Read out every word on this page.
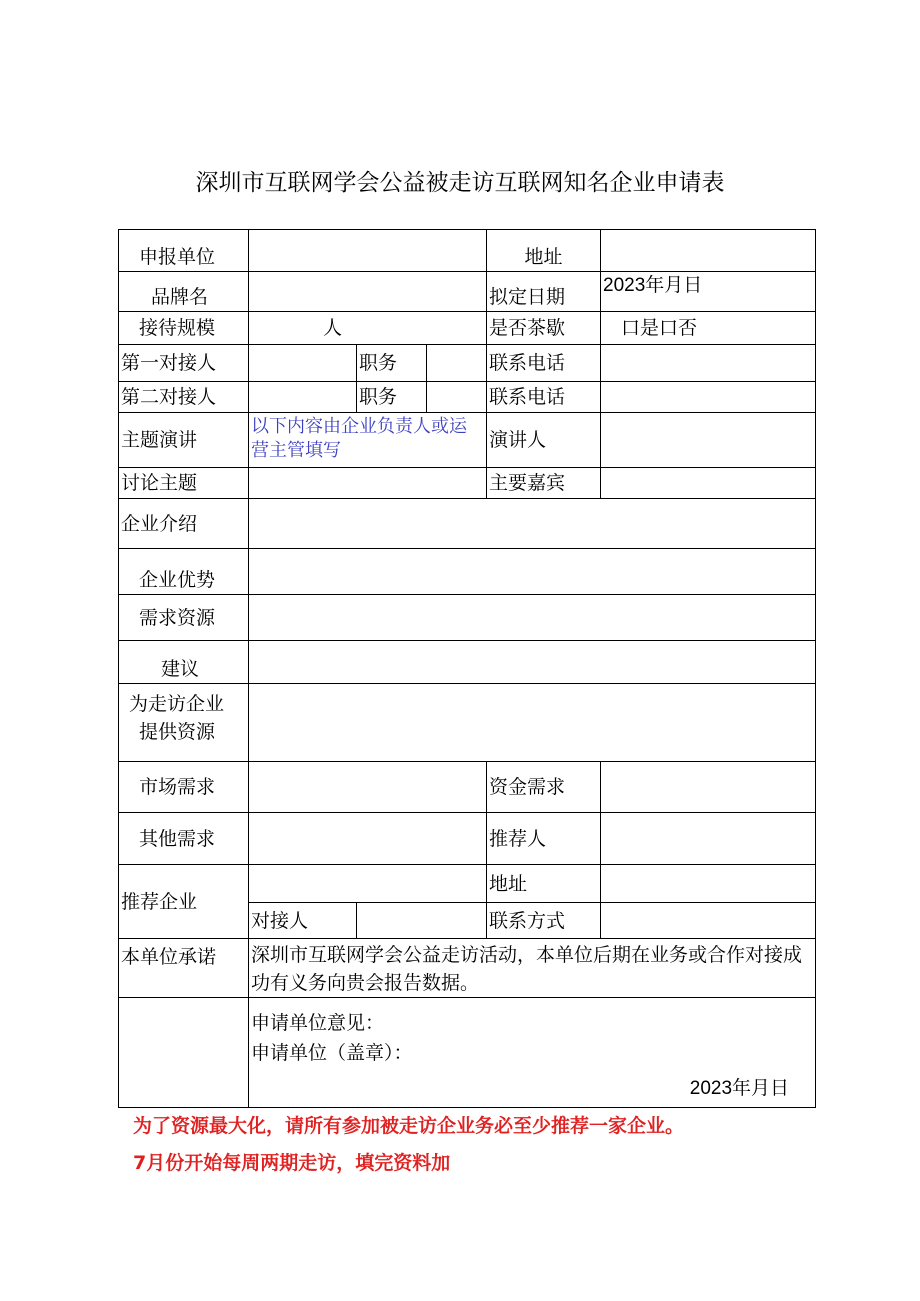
深圳市互联网学会公益被走访互联网知名企业申请表
申报单位				地址	
品牌名				拟定日期	2023年月日
接待规模	人			是否茶歇	口是口否
第一对接人		职务		联系电话	
第二对接人		职务		联系电话	
主题演讲	以下内容由企业负责人或运营主管填写			演讲人	
讨论主题				主要嘉宾	
企业介绍					
企业优势					
需求资源					
建议					

为走访企业
提供资源					

市场需求				资金需求	
其他需求				推荐人	
推荐企业				地址	
	对接人			联系方式	
本单位承诺	深圳市互联网学会公益走访活动，本单位后期在业务或合作对接成功有义务向贵会报告数据。				

	申请单位意见：
申请单位（盖章）：
2023年月日				
为了资源最大化，请所有参加被走访企业务必至少推荐一家企业。
7月份开始每周两期走访，填完资料加
